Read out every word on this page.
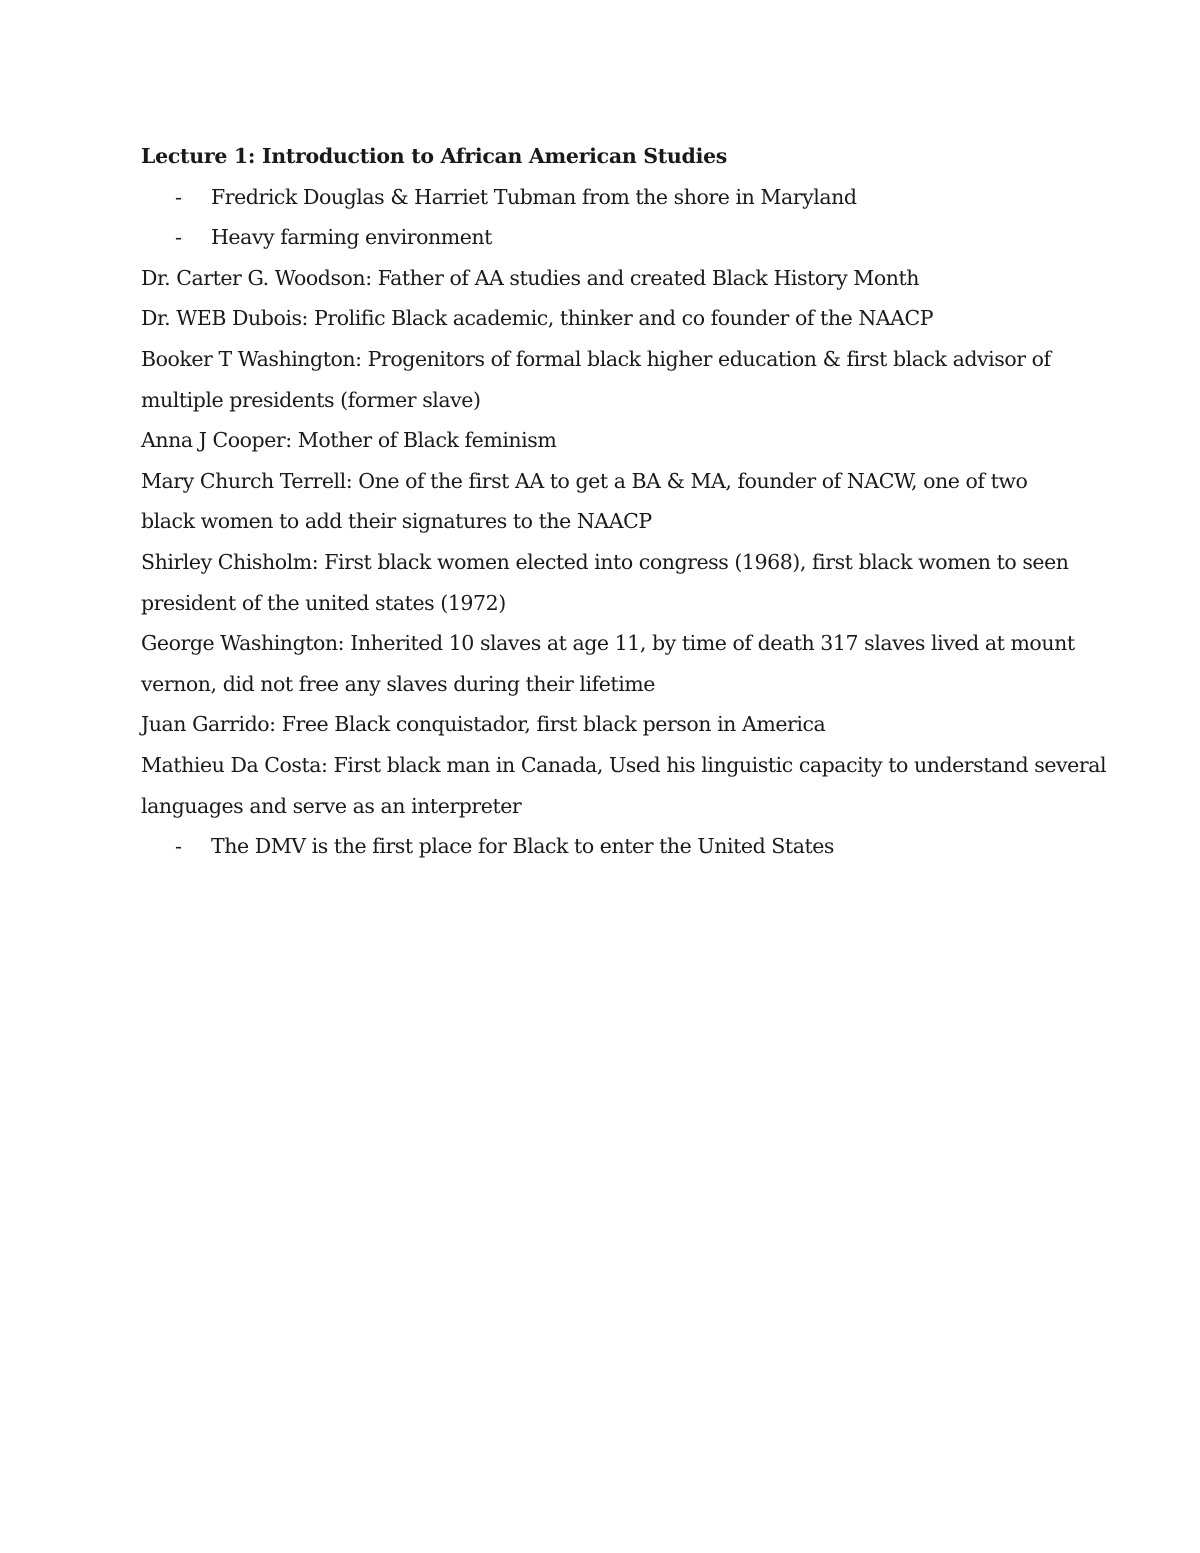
Lecture 1: Introduction to African American Studies
- Fredrick Douglas & Harriet Tubman from the shore in Maryland
- Heavy farming environment
Dr. Carter G. Woodson: Father of AA studies and created Black History Month
Dr. WEB Dubois: Prolific Black academic, thinker and co founder of the NAACP
Booker T Washington: Progenitors of formal black higher education & first black advisor of
multiple presidents (former slave)
Anna J Cooper: Mother of Black feminism
Mary Church Terrell: One of the first AA to get a BA & MA, founder of NACW, one of two
black women to add their signatures to the NAACP
Shirley Chisholm: First black women elected into congress (1968), first black women to seen
president of the united states (1972)
George Washington: Inherited 10 slaves at age 11, by time of death 317 slaves lived at mount
vernon, did not free any slaves during their lifetime
Juan Garrido: Free Black conquistador, first black person in America
Mathieu Da Costa: First black man in Canada, Used his linguistic capacity to understand several
languages and serve as an interpreter
- The DMV is the first place for Black to enter the United States
